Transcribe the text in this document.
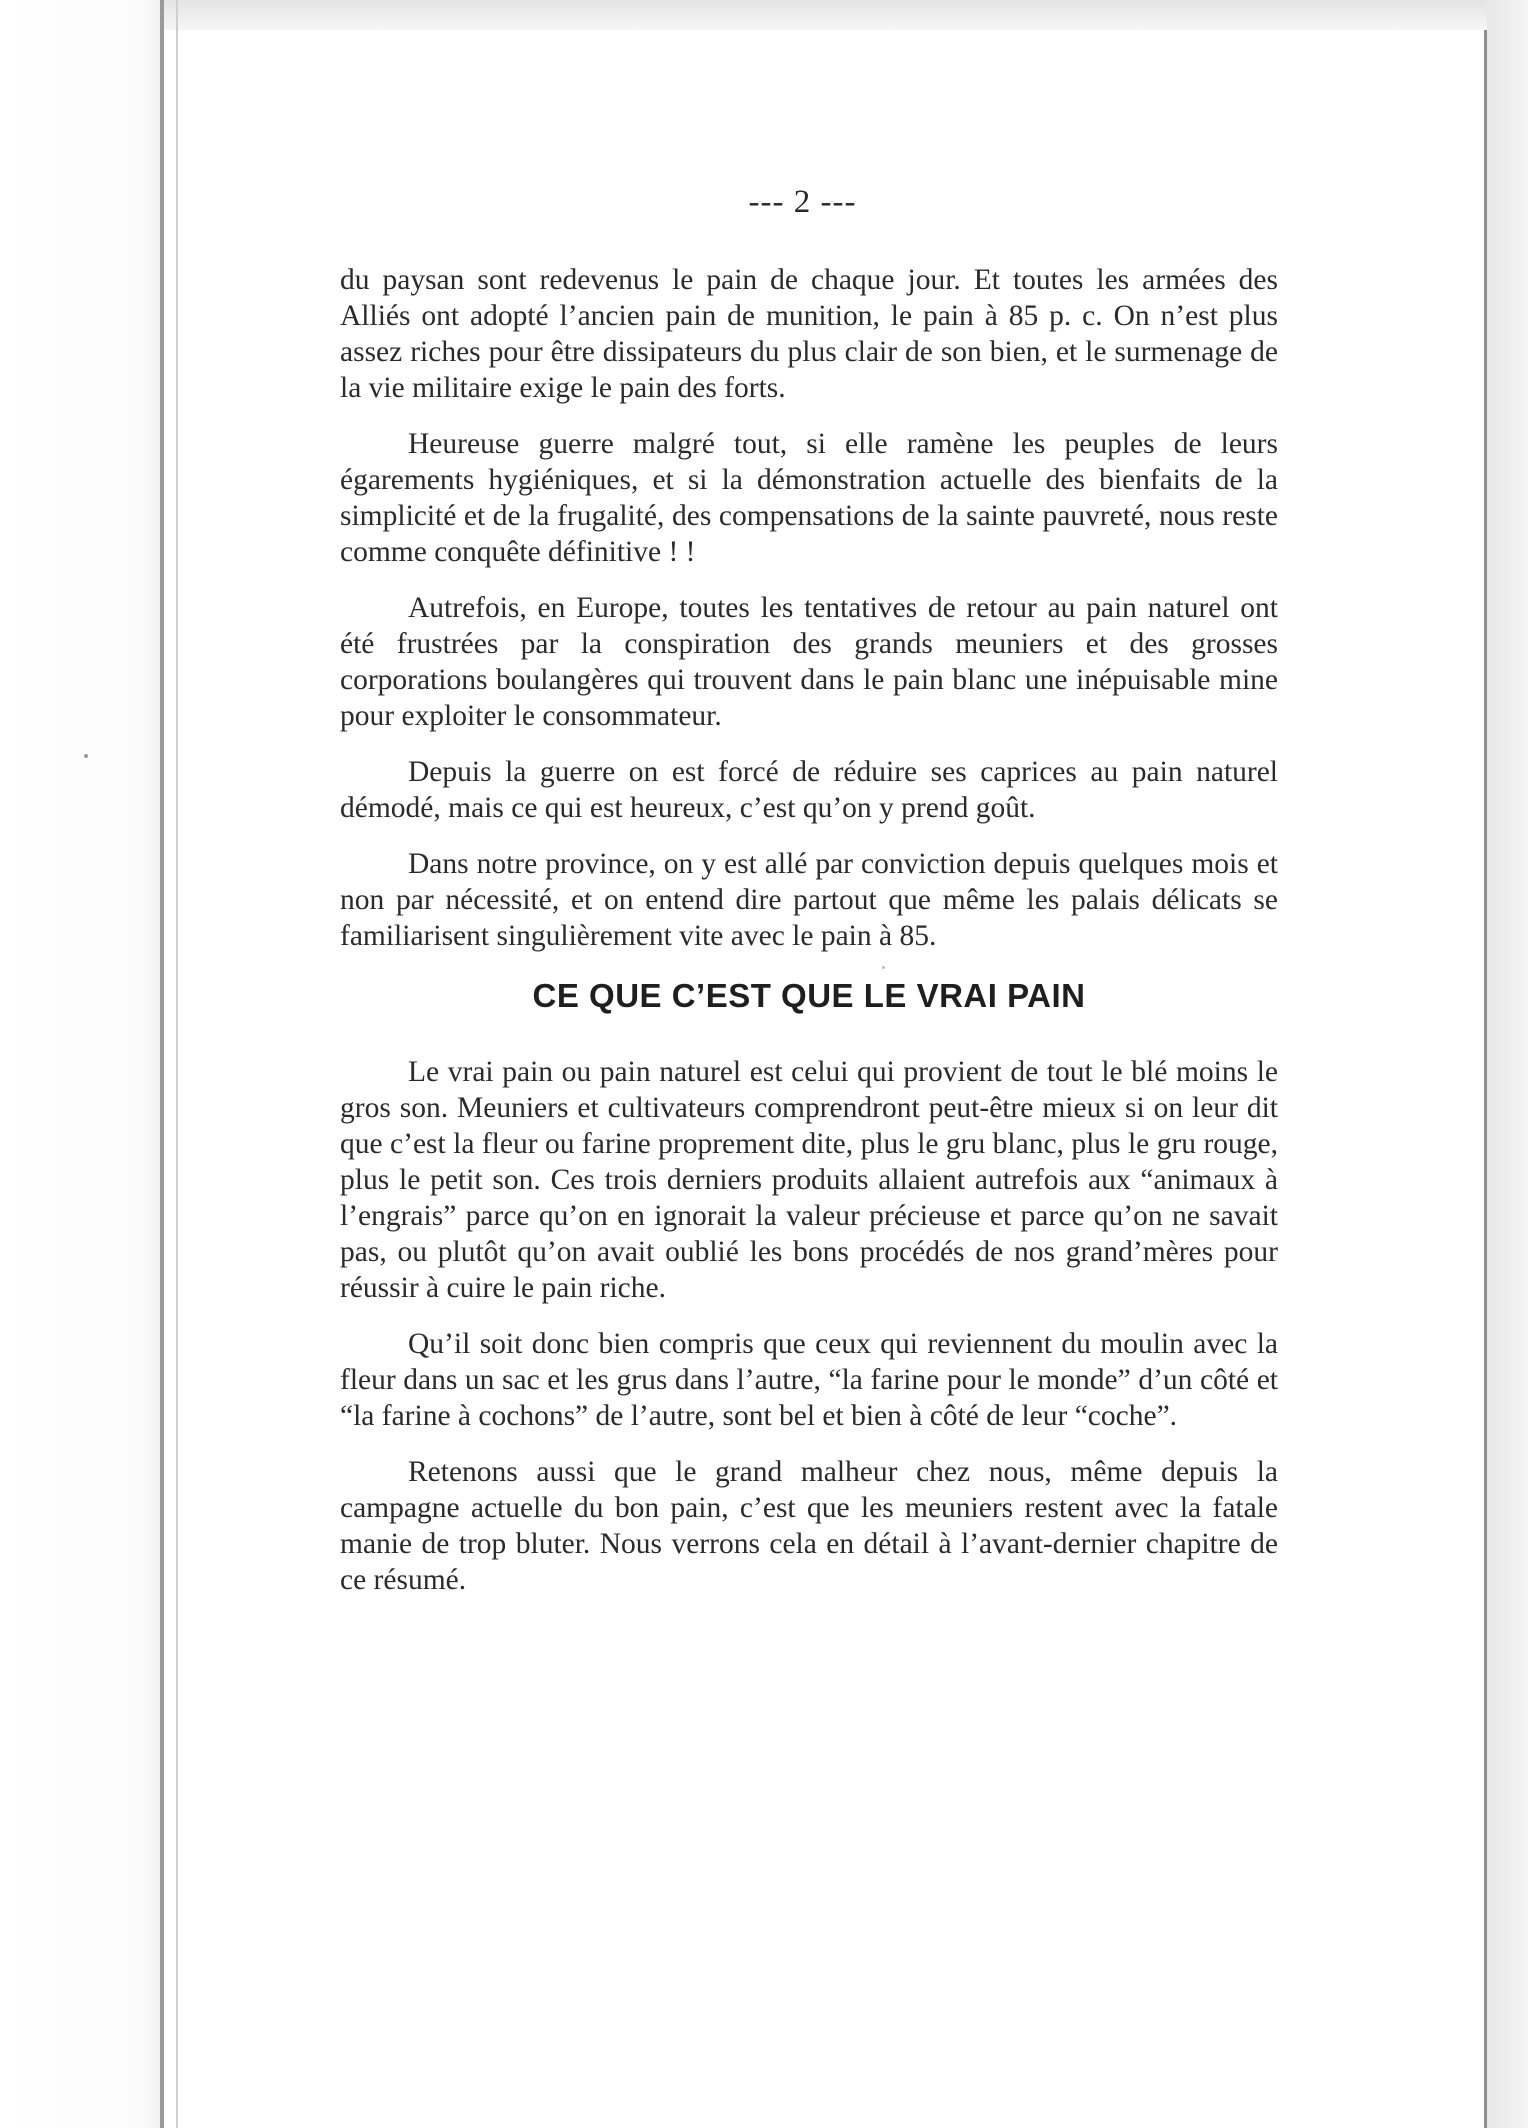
--- 2 ---

du paysan sont redevenus le pain de chaque jour. Et toutes les armées des Alliés ont adopté l’ancien pain de munition, le pain à 85 p. c. On n’est plus assez riches pour être dissipateurs du plus clair de son bien, et le surmenage de la vie militaire exige le pain des forts.

Heureuse guerre malgré tout, si elle ramène les peuples de leurs égarements hygiéniques, et si la démonstration actuelle des bienfaits de la simplicité et de la frugalité, des compensations de la sainte pauvreté, nous reste comme conquête définitive ! !

Autrefois, en Europe, toutes les tentatives de retour au pain naturel ont été frustrées par la conspiration des grands meuniers et des grosses corporations boulangères qui trouvent dans le pain blanc une inépuisable mine pour exploiter le consommateur.

Depuis la guerre on est forcé de réduire ses caprices au pain naturel démodé, mais ce qui est heureux, c’est qu’on y prend goût.

Dans notre province, on y est allé par conviction depuis quelques mois et non par nécessité, et on entend dire partout que même les palais délicats se familiarisent singulièrement vite avec le pain à 85.

CE QUE C’EST QUE LE VRAI PAIN

Le vrai pain ou pain naturel est celui qui provient de tout le blé moins le gros son. Meuniers et cultivateurs comprendront peut-être mieux si on leur dit que c’est la fleur ou farine proprement dite, plus le gru blanc, plus le gru rouge, plus le petit son. Ces trois derniers produits allaient autrefois aux “animaux à l’engrais” parce qu’on en ignorait la valeur précieuse et parce qu’on ne savait pas, ou plutôt qu’on avait oublié les bons procédés de nos grand’mères pour réussir à cuire le pain riche.

Qu’il soit donc bien compris que ceux qui reviennent du moulin avec la fleur dans un sac et les grus dans l’autre, “la farine pour le monde” d’un côté et “la farine à cochons” de l’autre, sont bel et bien à côté de leur “coche”.

Retenons aussi que le grand malheur chez nous, même depuis la campagne actuelle du bon pain, c’est que les meuniers restent avec la fatale manie de trop bluter. Nous verrons cela en détail à l’avant-dernier chapitre de ce résumé.
